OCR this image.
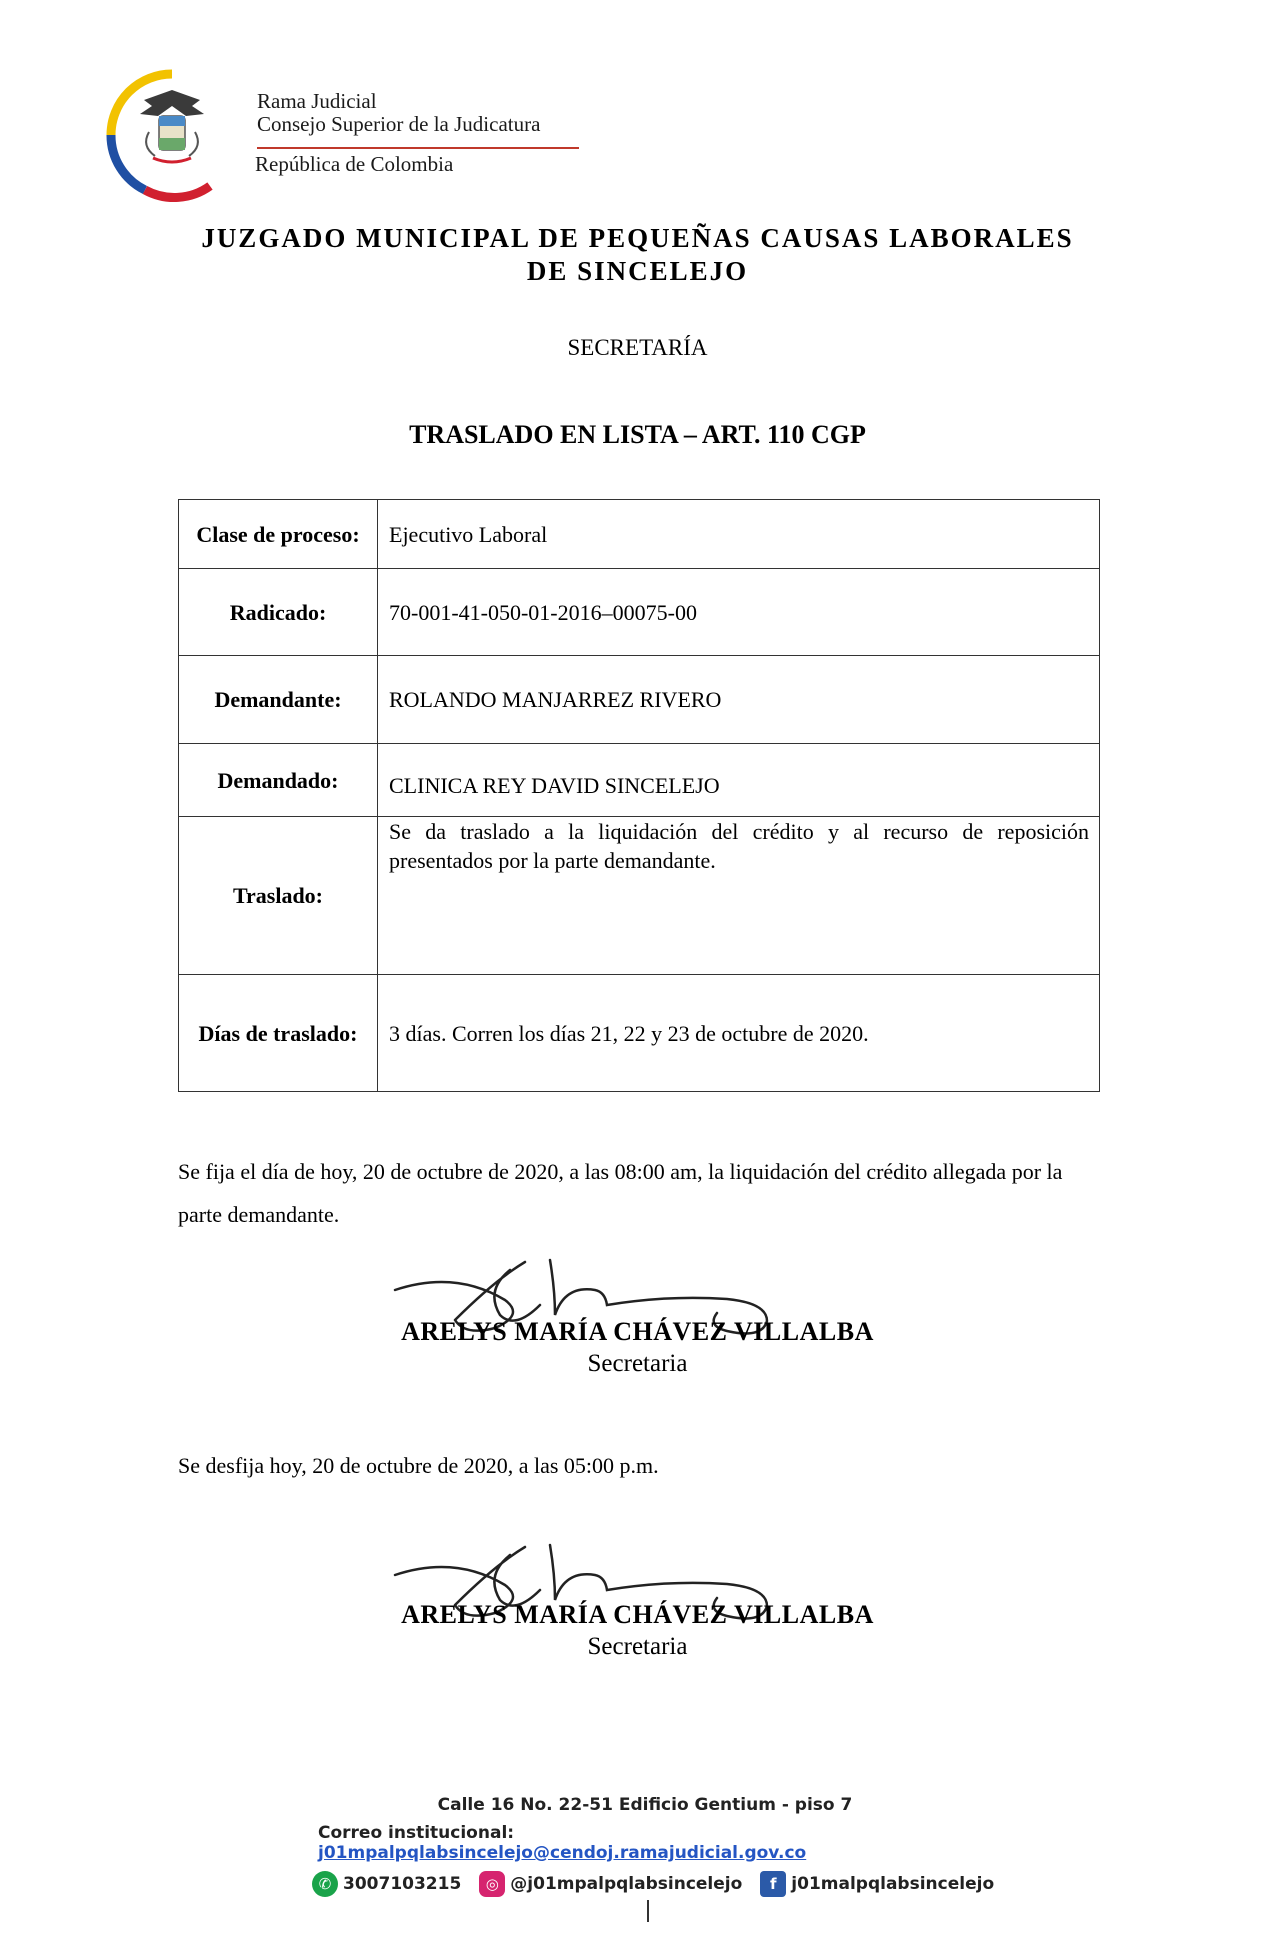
Rama Judicial
Consejo Superior de la Judicatura
República de Colombia
JUZGADO MUNICIPAL DE PEQUEÑAS CAUSAS LABORALES
DE SINCELEJO
SECRETARÍA
TRASLADO EN LISTA – ART. 110 CGP
Clase de proceso:	Ejecutivo Laboral
Radicado:	70-001-41-050-01-2016–00075-00
Demandante:	ROLANDO MANJARREZ RIVERO
Demandado:	CLINICA REY DAVID SINCELEJO
Traslado:	Se da traslado a la liquidación del crédito y al recurso de reposición presentados por la parte demandante.
Días de traslado:	3 días. Corren los días 21, 22 y 23 de octubre de 2020.
Se fija el día de hoy, 20 de octubre de 2020, a las 08:00 am, la liquidación del crédito allegada por la parte demandante.
ARELYS MARÍA CHÁVEZ VILLALBA
Secretaria
Se desfija hoy, 20 de octubre de 2020, a las 05:00 p.m.
ARELYS MARÍA CHÁVEZ VILLALBA
Secretaria
Calle 16 No. 22-51 Edificio Gentium - piso 7
Correo institucional: j01mpalpqlabsincelejo@cendoj.ramajudicial.gov.co
✆ 3007103215	◎ @j01mpalpqlabsincelejo	f j01malpqlabsincelejo
